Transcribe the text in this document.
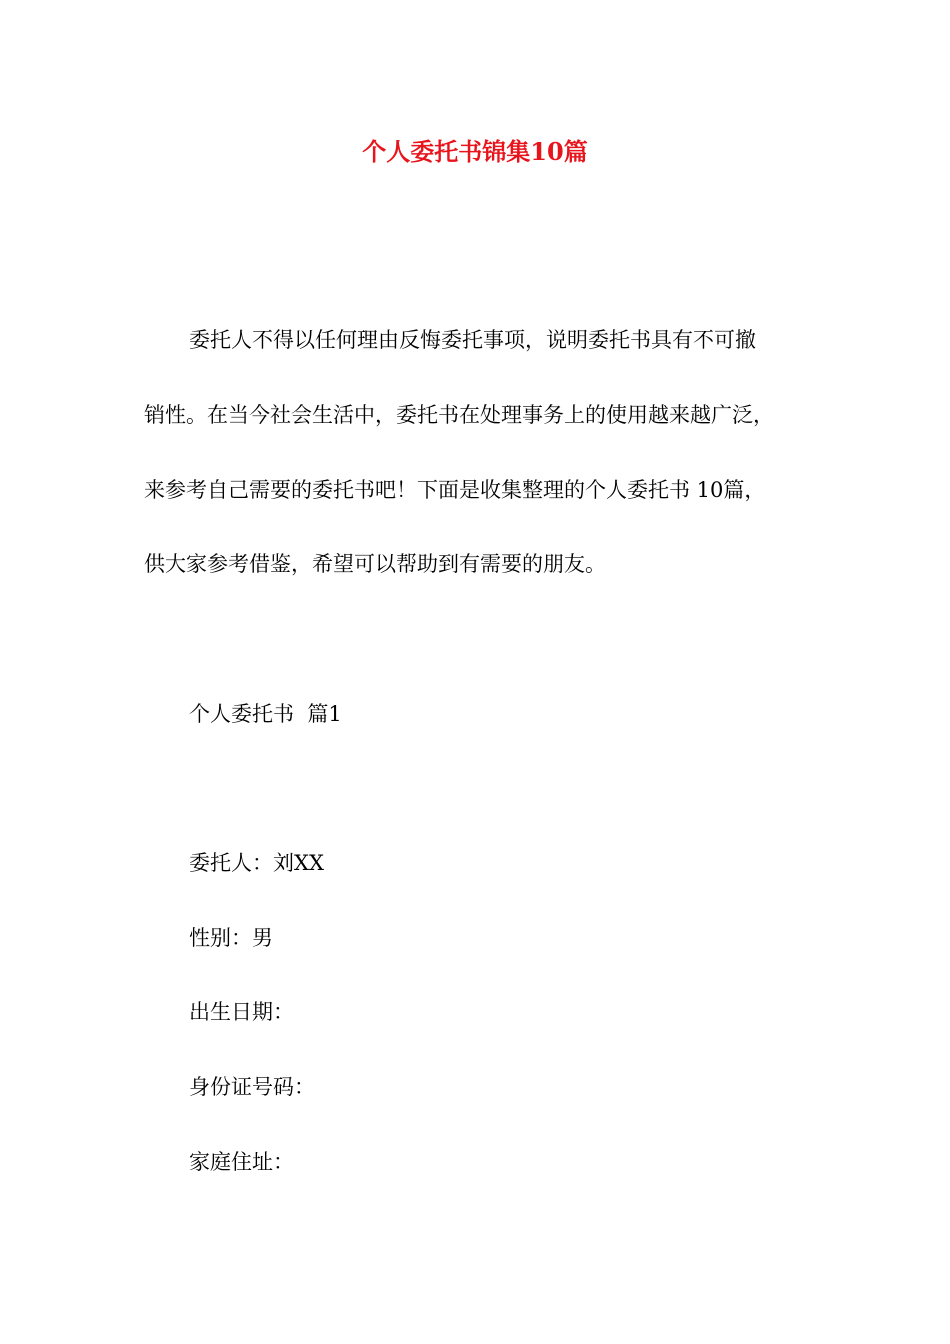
个人委托书锦集10篇
委托人不得以任何理由反悔委托事项，说明委托书具有不可撤
销性。在当今社会生活中，委托书在处理事务上的使用越来越广泛，
来参考自己需要的委托书吧！下面是收集整理的个人委托书 10篇，
供大家参考借鉴，希望可以帮助到有需要的朋友。
个人委托书  篇1
委托人：刘XX
性别：男
出生日期：
身份证号码：
家庭住址：
